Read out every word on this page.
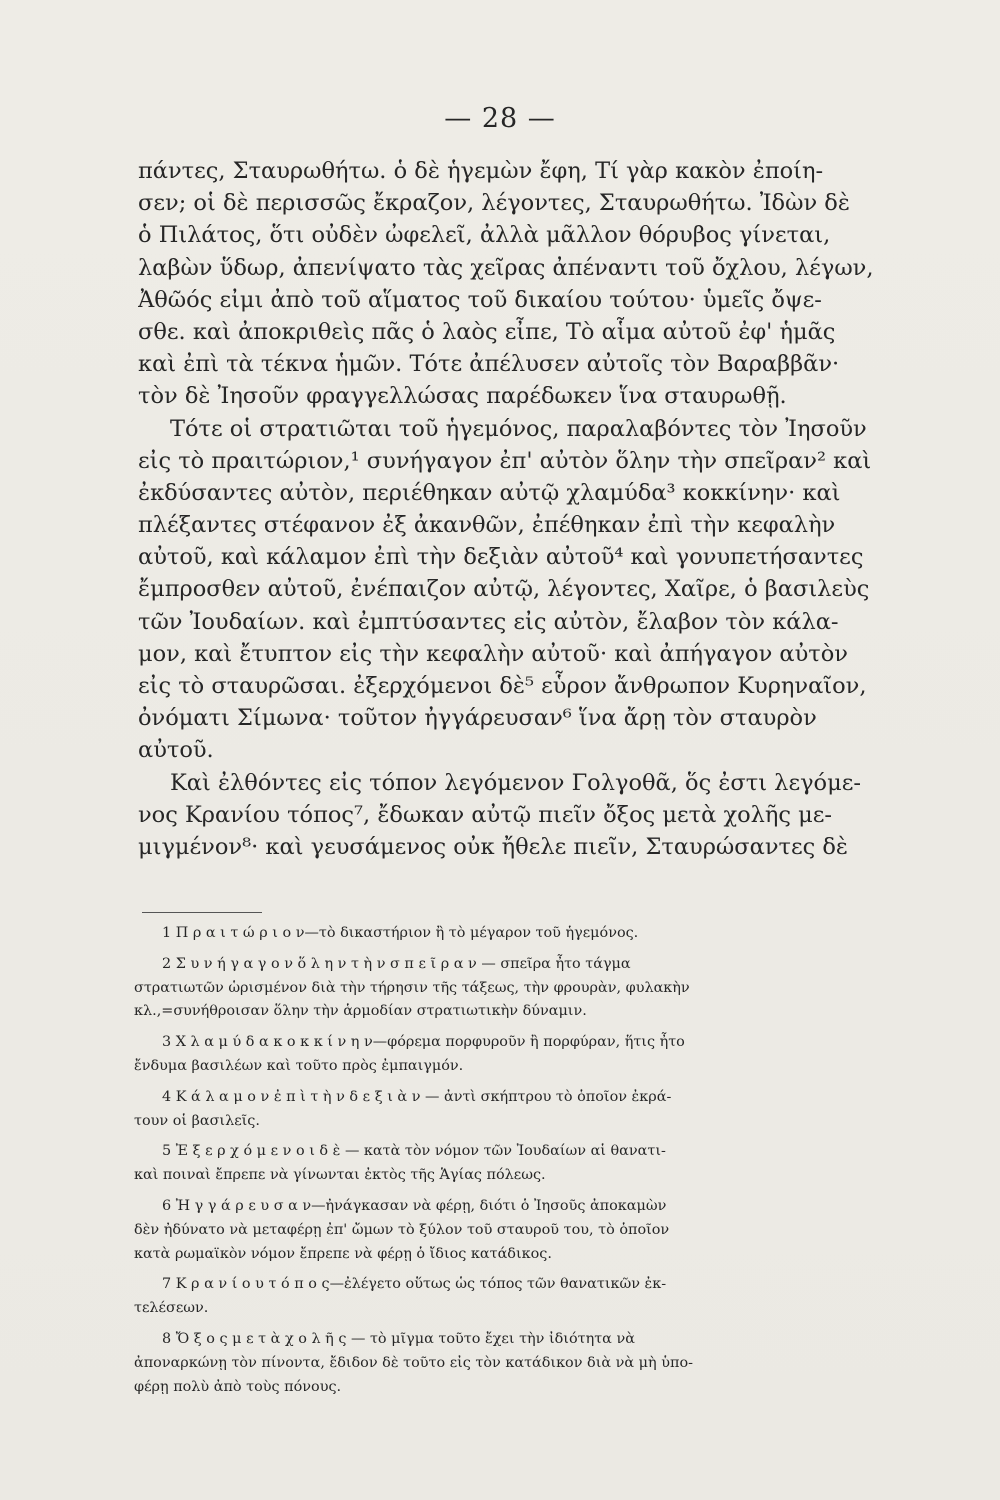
— 28 —
πάντες, Σταυρωθήτω. ὁ δὲ ἡγεμὼν ἔφη, Τί γὰρ κακὸν ἐποίη-
σεν; οἱ δὲ περισσῶς ἔκραζον, λέγοντες, Σταυρωθήτω. Ἰδὼν δὲ
ὁ Πιλάτος, ὅτι οὐδὲν ὠφελεῖ, ἀλλὰ μᾶλλον θόρυβος γίνεται,
λαβὼν ὕδωρ, ἀπενίψατο τὰς χεῖρας ἀπέναντι τοῦ ὄχλου, λέγων,
Ἀθῶός εἰμι ἀπὸ τοῦ αἵματος τοῦ δικαίου τούτου· ὑμεῖς ὄψε-
σθε. καὶ ἀποκριθεὶς πᾶς ὁ λαὸς εἶπε, Τὸ αἷμα αὐτοῦ ἐφ' ἡμᾶς
καὶ ἐπὶ τὰ τέκνα ἡμῶν. Τότε ἀπέλυσεν αὐτοῖς τὸν Βαραββᾶν·
τὸν δὲ Ἰησοῦν φραγγελλώσας παρέδωκεν ἵνα σταυρωθῇ.
Τότε οἱ στρατιῶται τοῦ ἡγεμόνος, παραλαβόντες τὸν Ἰησοῦν
εἰς τὸ πραιτώριον,¹ συνήγαγον ἐπ' αὐτὸν ὅλην τὴν σπεῖραν² καὶ
ἐκδύσαντες αὐτὸν, περιέθηκαν αὐτῷ χλαμύδα³ κοκκίνην· καὶ
πλέξαντες στέφανον ἐξ ἀκανθῶν, ἐπέθηκαν ἐπὶ τὴν κεφαλὴν
αὐτοῦ, καὶ κάλαμον ἐπὶ τὴν δεξιὰν αὐτοῦ⁴ καὶ γονυπετήσαντες
ἔμπροσθεν αὐτοῦ, ἐνέπαιζον αὐτῷ, λέγοντες, Χαῖρε, ὁ βασιλεὺς
τῶν Ἰουδαίων. καὶ ἐμπτύσαντες εἰς αὐτὸν, ἔλαβον τὸν κάλα-
μον, καὶ ἔτυπτον εἰς τὴν κεφαλὴν αὐτοῦ· καὶ ἀπήγαγον αὐτὸν
εἰς τὸ σταυρῶσαι. ἐξερχόμενοι δὲ⁵ εὗρον ἄνθρωπον Κυρηναῖον,
ὀνόματι Σίμωνα· τοῦτον ἠγγάρευσαν⁶ ἵνα ἄρῃ τὸν σταυρὸν
αὐτοῦ.
Καὶ ἐλθόντες εἰς τόπον λεγόμενον Γολγοθᾶ, ὅς ἐστι λεγόμε-
νος Κρανίου τόπος⁷, ἔδωκαν αὐτῷ πιεῖν ὄξος μετὰ χολῆς με-
μιγμένον⁸· καὶ γευσάμενος οὐκ ἤθελε πιεῖν, Σταυρώσαντες δὲ
1 Π ρ α ι τ ώ ρ ι ο ν—τὸ δικαστήριον ἢ τὸ μέγαρον τοῦ ἡγεμόνος.
2 Σ υ ν ή γ α γ ο ν ὅ λ η ν τ ὴ ν σ π ε ῖ ρ α ν — σπεῖρα ἦτο τάγμα
στρατιωτῶν ὡρισμένον διὰ τὴν τήρησιν τῆς τάξεως, τὴν φρουρὰν, φυλακὴν
κλ.,=συνήθροισαν ὅλην τὴν ἁρμοδίαν στρατιωτικὴν δύναμιν.
3 Χ λ α μ ύ δ α κ ο κ κ ί ν η ν—φόρεμα πορφυροῦν ἢ πορφύραν, ἥτις ἦτο
ἔνδυμα βασιλέων καὶ τοῦτο πρὸς ἐμπαιγμόν.
4 Κ ά λ α μ ο ν ἐ π ὶ τ ὴ ν δ ε ξ ι ὰ ν — ἀντὶ σκήπτρου τὸ ὁποῖον ἐκρά-
τουν οἱ βασιλεῖς.
5 Ἐ ξ ε ρ χ ό μ ε ν ο ι δ ὲ — κατὰ τὸν νόμον τῶν Ἰουδαίων αἱ θανατι-
καὶ ποιναὶ ἔπρεπε νὰ γίνωνται ἐκτὸς τῆς Ἁγίας πόλεως.
6 Ἠ γ γ ά ρ ε υ σ α ν—ἠνάγκασαν νὰ φέρῃ, διότι ὁ Ἰησοῦς ἀποκαμὼν
δὲν ἠδύνατο νὰ μεταφέρῃ ἐπ' ὤμων τὸ ξύλον τοῦ σταυροῦ του, τὸ ὁποῖον
κατὰ ρωμαϊκὸν νόμον ἔπρεπε νὰ φέρῃ ὁ ἴδιος κατάδικος.
7 Κ ρ α ν ί ο υ τ ό π ο ς—ἐλέγετο οὕτως ὡς τόπος τῶν θανατικῶν ἐκ-
τελέσεων.
8 Ὄ ξ ο ς μ ε τ ὰ χ ο λ ῆ ς — τὸ μῖγμα τοῦτο ἔχει τὴν ἰδιότητα νὰ
ἀποναρκώνῃ τὸν πίνοντα, ἔδιδον δὲ τοῦτο εἰς τὸν κατάδικον διὰ νὰ μὴ ὑπο-
φέρῃ πολὺ ἀπὸ τοὺς πόνους.
